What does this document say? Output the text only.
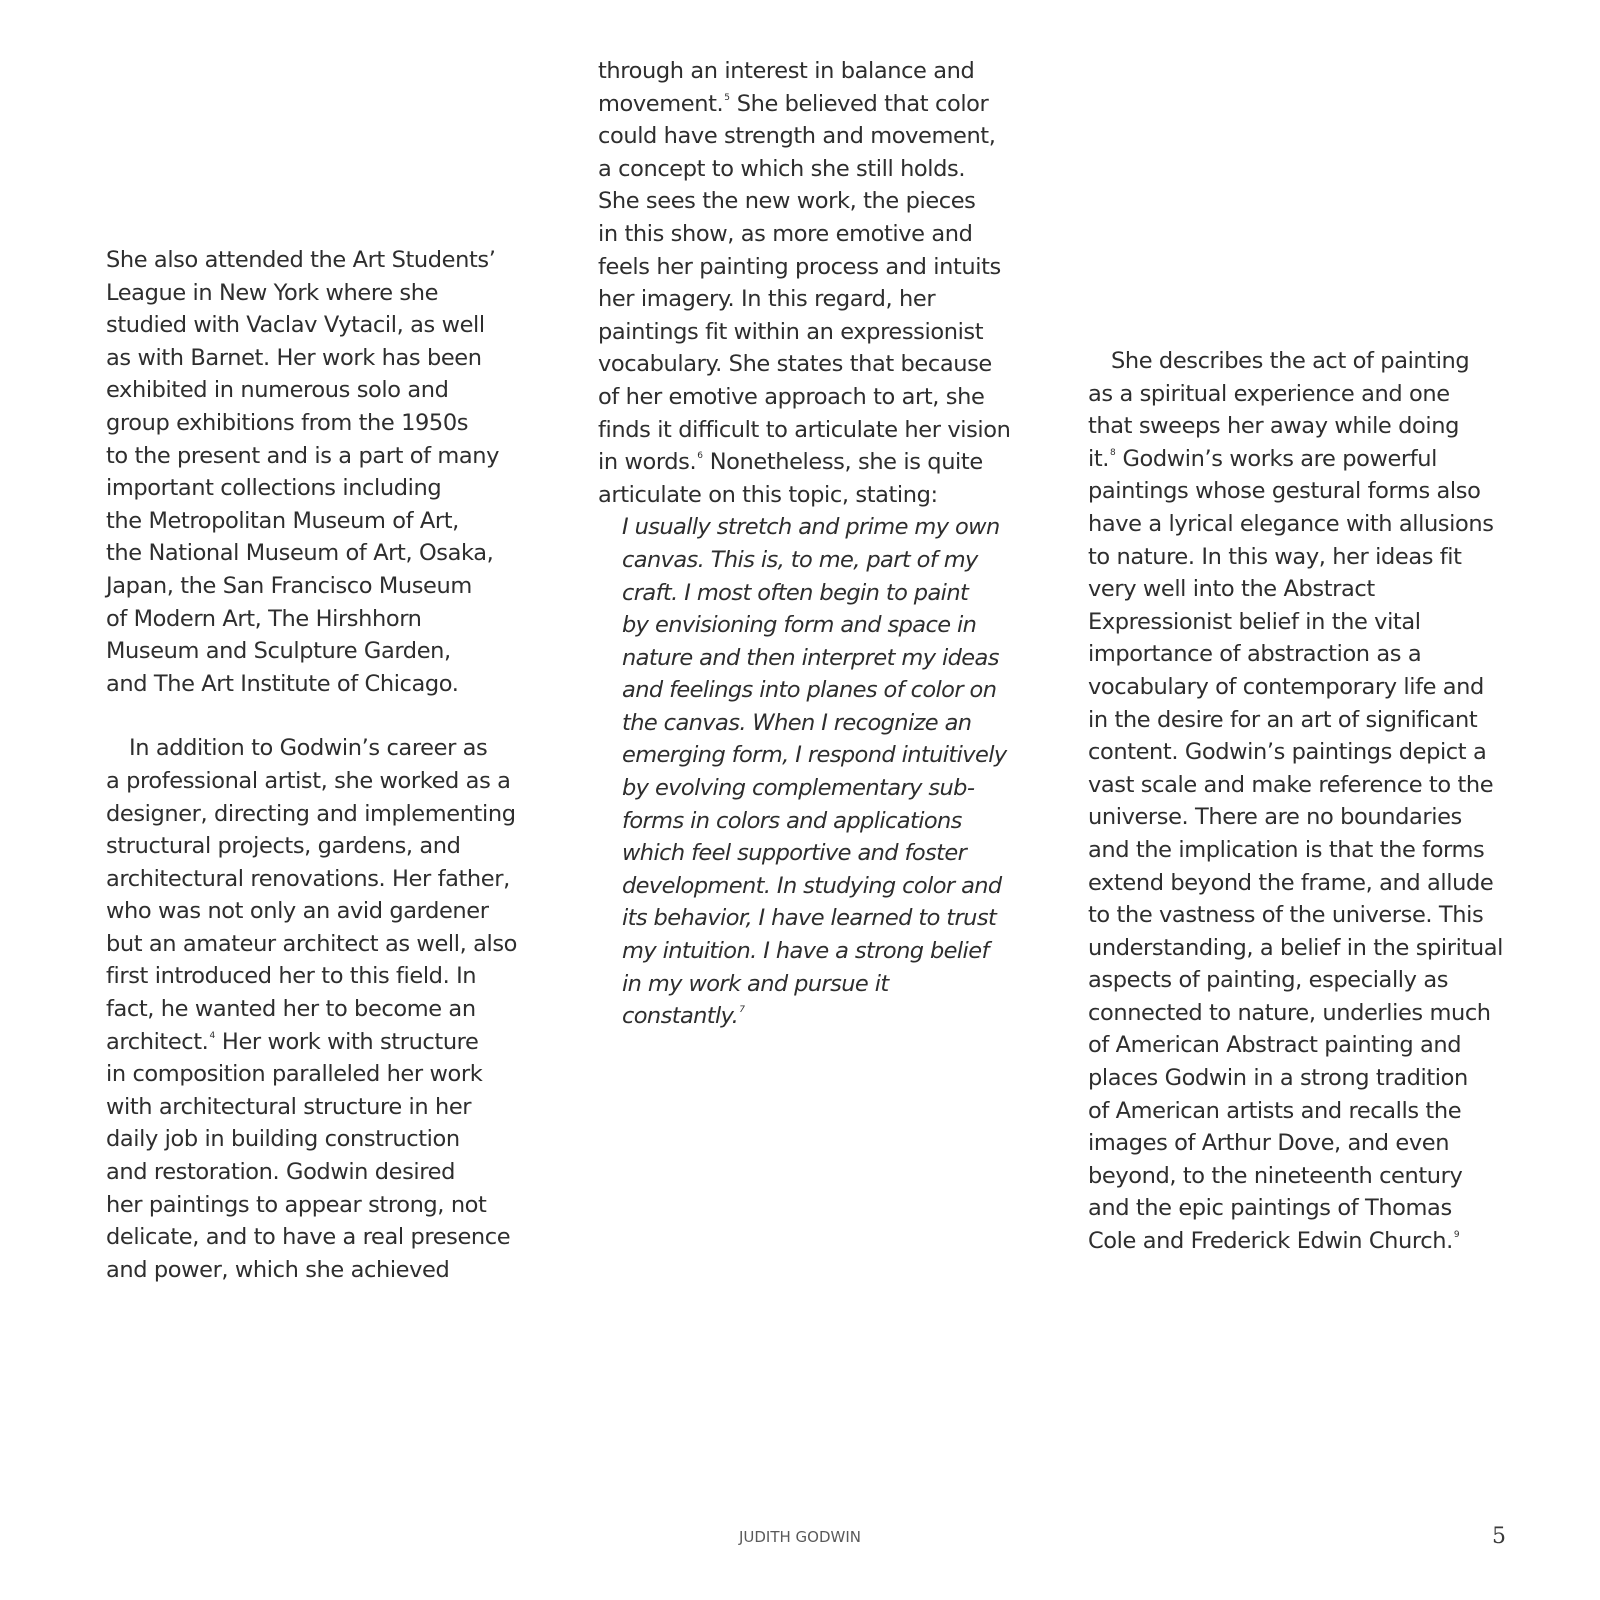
She also attended the Art Students’
League in New York where she
studied with Vaclav Vytacil, as well
as with Barnet. Her work has been
exhibited in numerous solo and
group exhibitions from the 1950s
to the present and is a part of many
important collections including
the Metropolitan Museum of Art,
the National Museum of Art, Osaka,
Japan, the San Francisco Museum
of Modern Art, The Hirshhorn
Museum and Sculpture Garden,
and The Art Institute of Chicago.

In addition to Godwin’s career as
a professional artist, she worked as a
designer, directing and implementing
structural projects, gardens, and
architectural renovations. Her father,
who was not only an avid gardener
but an amateur architect as well, also
first introduced her to this field. In
fact, he wanted her to become an
architect.$^4$ Her work with structure
in composition paralleled her work
with architectural structure in her
daily job in building construction
and restoration. Godwin desired
her paintings to appear strong, not
delicate, and to have a real presence
and power, which she achieved

through an interest in balance and
movement.$^5$ She believed that color
could have strength and movement,
a concept to which she still holds.
She sees the new work, the pieces
in this show, as more emotive and
feels her painting process and intuits
her imagery. In this regard, her
paintings fit within an expressionist
vocabulary. She states that because
of her emotive approach to art, she
finds it difficult to articulate her vision
in words.$^6$ Nonetheless, she is quite
articulate on this topic, stating:

I usually stretch and prime my own
canvas. This is, to me, part of my
craft. I most often begin to paint
by envisioning form and space in
nature and then interpret my ideas
and feelings into planes of color on
the canvas. When I recognize an
emerging form, I respond intuitively
by evolving complementary sub-
forms in colors and applications
which feel supportive and foster
development. In studying color and
its behavior, I have learned to trust
my intuition. I have a strong belief
in my work and pursue it
constantly.$^7$

She describes the act of painting
as a spiritual experience and one
that sweeps her away while doing
it.$^8$ Godwin’s works are powerful
paintings whose gestural forms also
have a lyrical elegance with allusions
to nature. In this way, her ideas fit
very well into the Abstract
Expressionist belief in the vital
importance of abstraction as a
vocabulary of contemporary life and
in the desire for an art of significant
content. Godwin’s paintings depict a
vast scale and make reference to the
universe. There are no boundaries
and the implication is that the forms
extend beyond the frame, and allude
to the vastness of the universe. This
understanding, a belief in the spiritual
aspects of painting, especially as
connected to nature, underlies much
of American Abstract painting and
places Godwin in a strong tradition
of American artists and recalls the
images of Arthur Dove, and even
beyond, to the nineteenth century
and the epic paintings of Thomas
Cole and Frederick Edwin Church.$^9$

JUDITH GODWIN	5
